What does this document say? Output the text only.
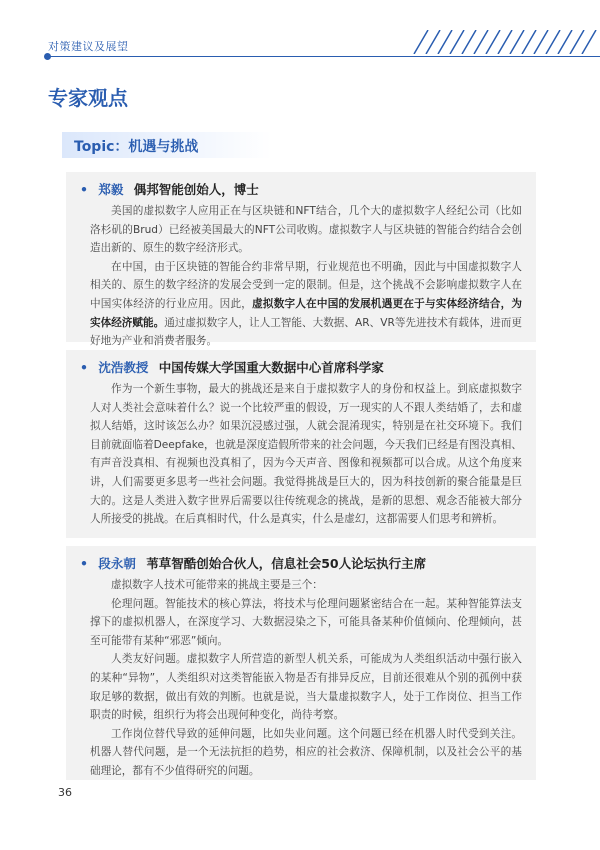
对策建议及展望
专家观点
Topic：机遇与挑战
• 郑毅 偶邦智能创始人，博士

美国的虚拟数字人应用正在与区块链和NFT结合，几个大的虚拟数字人经纪公司（比如洛杉矶的Brud）已经被美国最大的NFT公司收购。虚拟数字人与区块链的智能合约结合会创造出新的、原生的数字经济形式。

在中国，由于区块链的智能合约非常早期，行业规范也不明确，因此与中国虚拟数字人相关的、原生的数字经济的发展会受到一定的限制。但是，这个挑战不会影响虚拟数字人在中国实体经济的行业应用。因此，虚拟数字人在中国的发展机遇更在于与实体经济结合，为实体经济赋能。通过虚拟数字人，让人工智能、大数据、AR、VR等先进技术有载体，进而更好地为产业和消费者服务。

• 沈浩教授 中国传媒大学国重大数据中心首席科学家

作为一个新生事物，最大的挑战还是来自于虚拟数字人的身份和权益上。到底虚拟数字人对人类社会意味着什么？说一个比较严重的假设，万一现实的人不跟人类结婚了，去和虚拟人结婚，这时该怎么办？如果沉浸感过强，人就会混淆现实，特别是在社交环境下。我们目前就面临着Deepfake，也就是深度造假所带来的社会问题，今天我们已经是有图没真相、有声音没真相、有视频也没真相了，因为今天声音、图像和视频都可以合成。从这个角度来讲，人们需要更多思考一些社会问题。我觉得挑战是巨大的，因为科技创新的聚合能量是巨大的。这是人类进入数字世界后需要以往传统观念的挑战，是新的思想、观念否能被大部分人所接受的挑战。在后真相时代，什么是真实，什么是虚幻，这都需要人们思考和辨析。

• 段永朝 苇草智酷创始合伙人，信息社会50人论坛执行主席

虚拟数字人技术可能带来的挑战主要是三个：

伦理问题。智能技术的核心算法，将技术与伦理问题紧密结合在一起。某种智能算法支撑下的虚拟机器人，在深度学习、大数据浸染之下，可能具备某种价值倾向、伦理倾向，甚至可能带有某种“邪恶”倾向。

人类友好问题。虚拟数字人所营造的新型人机关系，可能成为人类组织活动中强行嵌入的某种“异物”，人类组织对这类智能嵌入物是否有排异反应，目前还很难从个别的孤例中获取足够的数据，做出有效的判断。也就是说，当大量虚拟数字人，处于工作岗位、担当工作职责的时候，组织行为将会出现何种变化，尚待考察。

工作岗位替代导致的延伸问题，比如失业问题。这个问题已经在机器人时代受到关注。机器人替代问题，是一个无法抗拒的趋势，相应的社会救济、保障机制，以及社会公平的基础理论，都有不少值得研究的问题。

36
